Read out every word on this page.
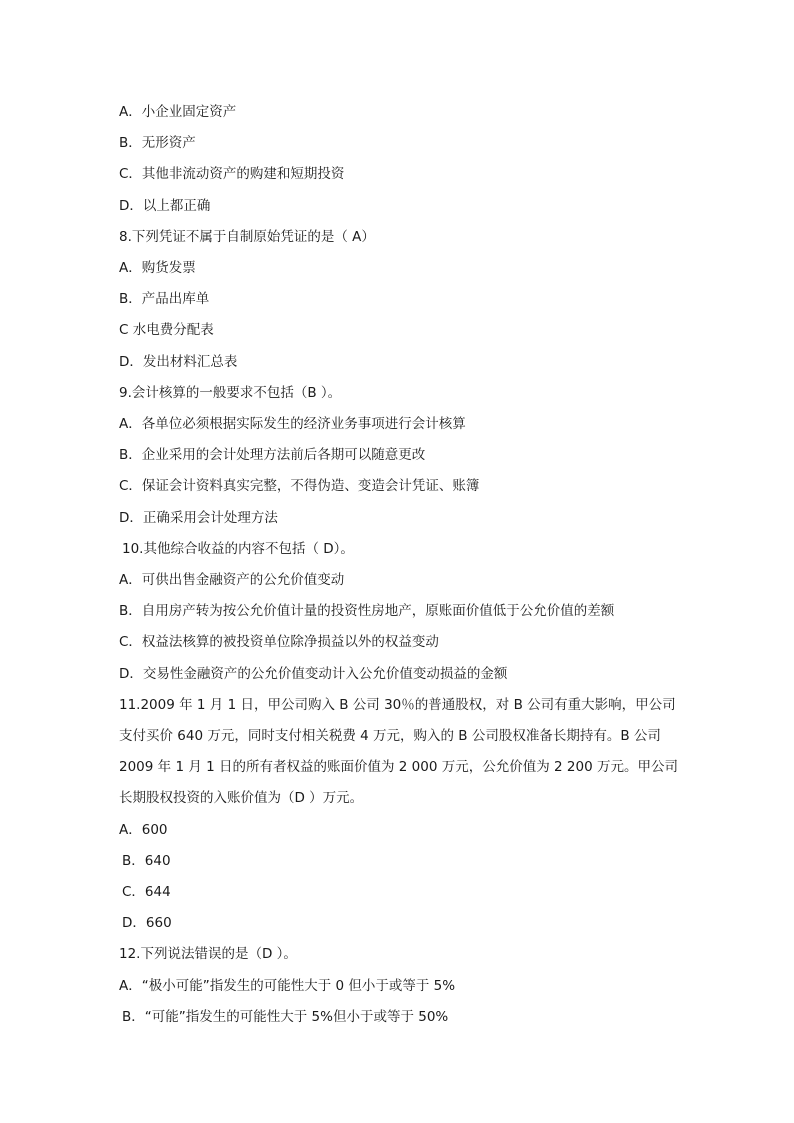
A．小企业固定资产
B．无形资产
C．其他非流动资产的购建和短期投资
D．以上都正确
8.下列凭证不属于自制原始凭证的是（ A）
A．购货发票
B．产品出库单
C 水电费分配表
D．发出材料汇总表
9.会计核算的一般要求不包括（B ）。
A．各单位必须根据实际发生的经济业务事项进行会计核算
B．企业采用的会计处理方法前后各期可以随意更改
C．保证会计资料真实完整，不得伪造、变造会计凭证、账簿
D．正确采用会计处理方法
10.其他综合收益的内容不包括（ D）。
A．可供出售金融资产的公允价值变动
B．自用房产转为按公允价值计量的投资性房地产，原账面价值低于公允价值的差额
C．权益法核算的被投资单位除净损益以外的权益变动
D．交易性金融资产的公允价值变动计入公允价值变动损益的金额
11.2009 年 1 月 1 日，甲公司购入 B 公司 30％的普通股权，对 B 公司有重大影响，甲公司
支付买价 640 万元，同时支付相关税费 4 万元，购入的 B 公司股权准备长期持有。B 公司
2009 年 1 月 1 日的所有者权益的账面价值为 2 000 万元，公允价值为 2 200 万元。甲公司
长期股权投资的入账价值为（D ）万元。
A．600
B．640
C．644
D．660
12.下列说法错误的是（D ）。
A．“极小可能”指发生的可能性大于 0 但小于或等于 5%
B．“可能”指发生的可能性大于 5%但小于或等于 50%
